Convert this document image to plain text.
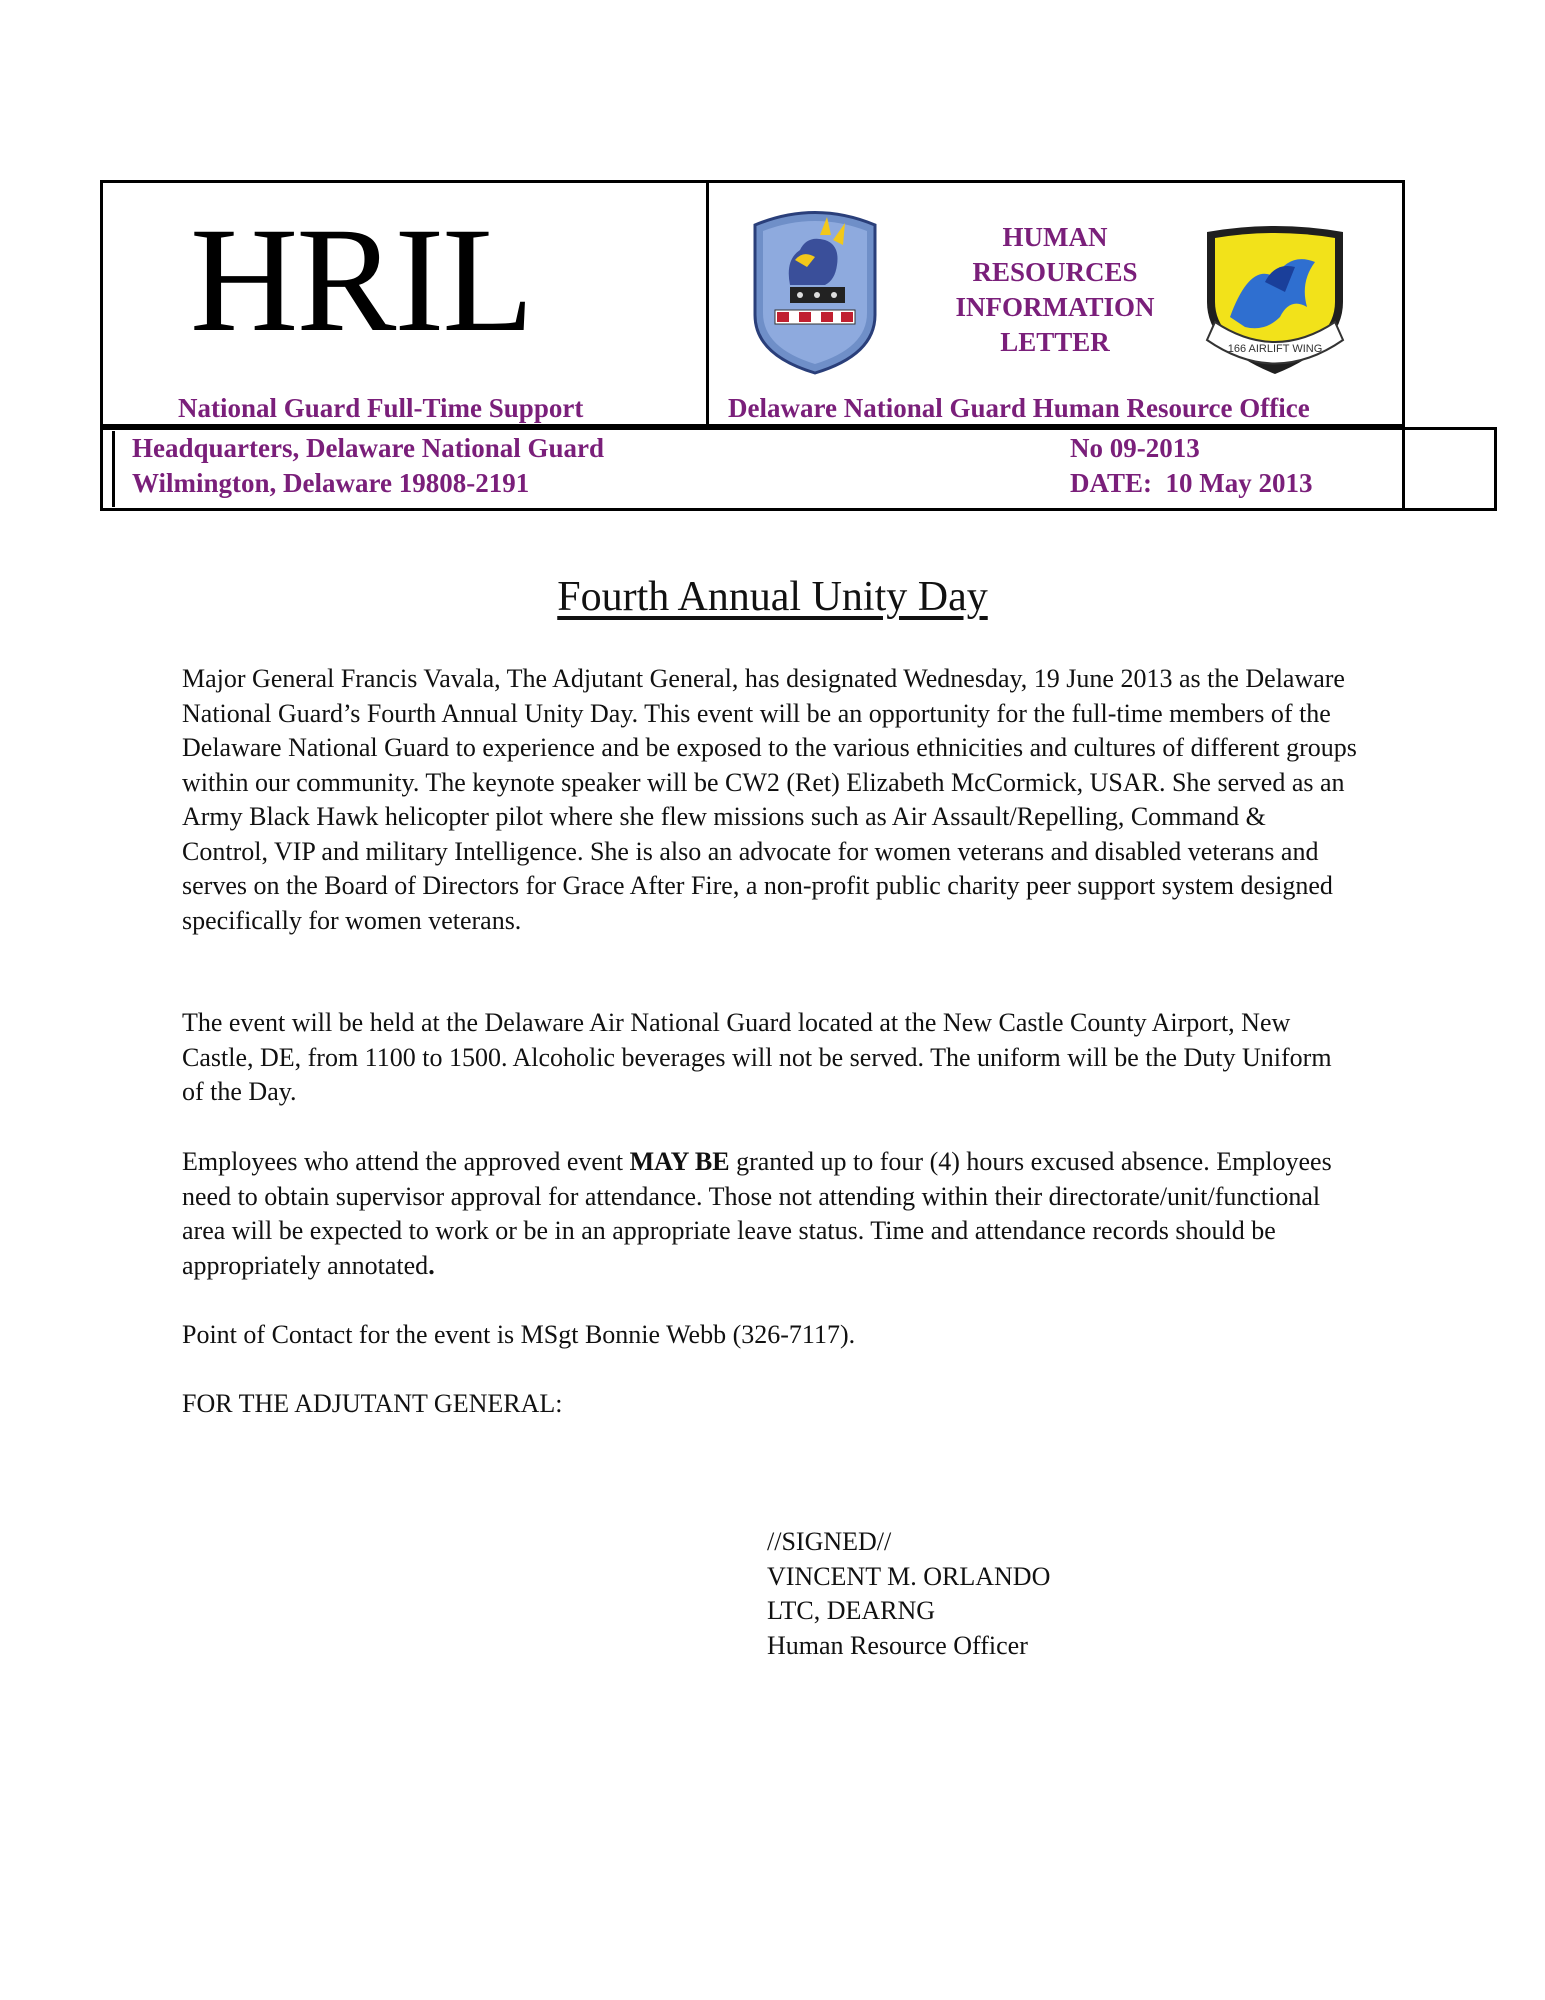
HRIL
National Guard Full-Time Support
HUMAN
RESOURCES
INFORMATION
LETTER	166 AIRLIFT WING
Delaware National Guard Human Resource Office
Headquarters, Delaware National Guard
Wilmington, Delaware 19808-2191
No 09-2013
DATE:  10 May 2013
Fourth Annual Unity Day

Major General Francis Vavala, The Adjutant General, has designated Wednesday, 19 June 2013 as the Delaware National Guard’s Fourth Annual Unity Day. This event will be an opportunity for the full-time members of the Delaware National Guard to experience and be exposed to the various ethnicities and cultures of different groups within our community. The keynote speaker will be CW2 (Ret) Elizabeth McCormick, USAR. She served as an Army Black Hawk helicopter pilot where she flew missions such as Air Assault/Repelling, Command & Control, VIP and military Intelligence. She is also an advocate for women veterans and disabled veterans and serves on the Board of Directors for Grace After Fire, a non-profit public charity peer support system designed specifically for women veterans.

The event will be held at the Delaware Air National Guard located at the New Castle County Airport, New Castle, DE, from 1100 to 1500. Alcoholic beverages will not be served. The uniform will be the Duty Uniform of the Day.

Employees who attend the approved event MAY BE granted up to four (4) hours excused absence. Employees need to obtain supervisor approval for attendance. Those not attending within their directorate/unit/functional area will be expected to work or be in an appropriate leave status. Time and attendance records should be appropriately annotated.

Point of Contact for the event is MSgt Bonnie Webb (326-7117).

FOR THE ADJUTANT GENERAL:

//SIGNED//
VINCENT M. ORLANDO
LTC, DEARNG
Human Resource Officer
